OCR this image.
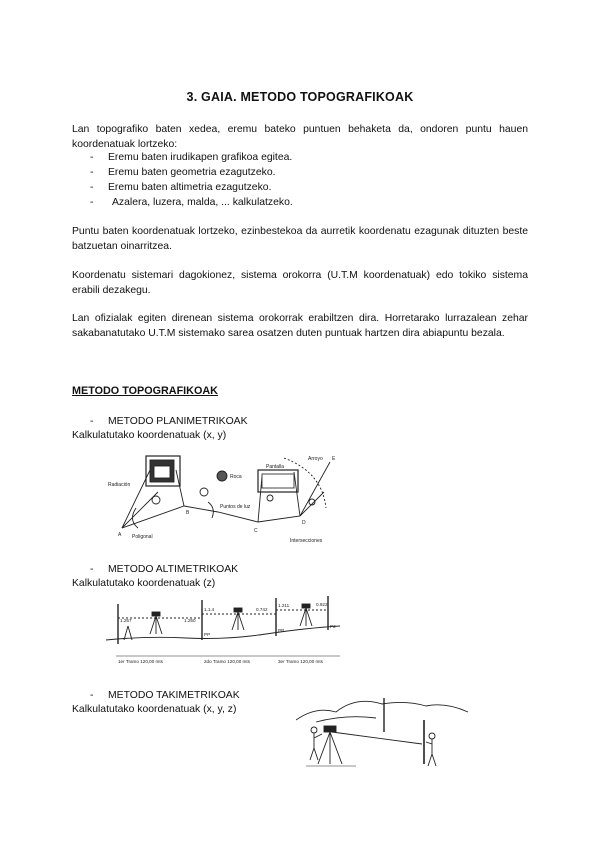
3. GAIA. METODO TOPOGRAFIKOAK
Lan topografiko baten xedea, eremu bateko puntuen behaketa da, ondoren puntu hauen koordenatuak lortzeko:
-	Eremu baten irudikapen grafikoa egitea.
-	Eremu baten geometria ezagutzeko.
-	Eremu baten altimetria ezagutzeko.
-	Azalera, luzera, malda, ... kalkulatzeko.
Puntu baten koordenatuak lortzeko, ezinbestekoa da aurretik koordenatu ezagunak dituzten beste batzuetan oinarritzea.
Koordenatu sistemari dagokionez, sistema orokorra (U.T.M koordenatuak) edo tokiko sistema erabili dezakegu.
Lan ofizialak egiten direnean sistema orokorrak erabiltzen dira. Horretarako lurrazalean zehar sakabanatutako U.T.M sistemako sarea osatzen duten puntuak hartzen dira abiapuntu bezala.
METODO TOPOGRAFIKOAK
- METODO PLANIMETRIKOAK
Kalkulatutako koordenatuak (x, y)
Radiación
Poligonal
Roca
Puntos de luz
Pantalla
Arroyo
Intersecciones
A
B
C
D
E
- METODO ALTIMETRIKOAK
Kalkulatutako koordenatuak (z)
1.257	1.250
1.1.4	0.742
1.211	0.922
PP
PP
P2
1er Tramo 120,00 mts	2do Tramo 120,00 mts	3er Tramo 120,00 mts
- METODO TAKIMETRIKOAK
Kalkulatutako koordenatuak (x, y, z)
